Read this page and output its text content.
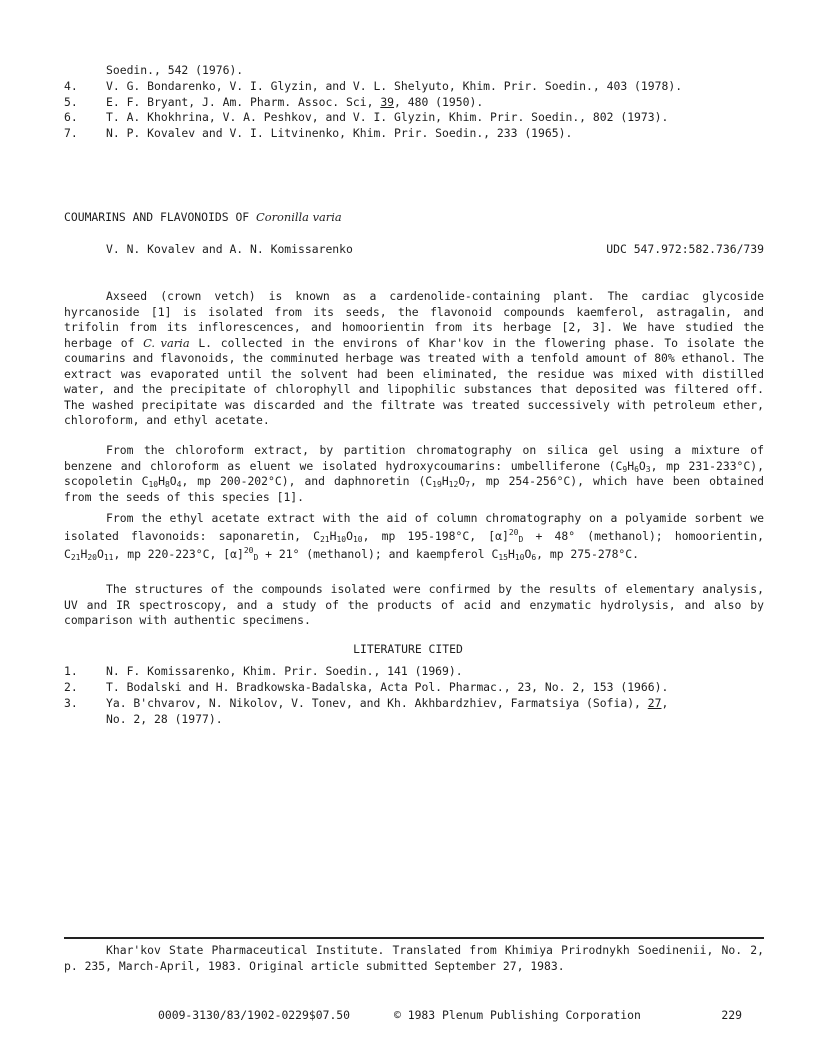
Soedin., 542 (1976).
4. V. G. Bondarenko, V. I. Glyzin, and V. L. Shelyuto, Khim. Prir. Soedin., 403 (1978).
5. E. F. Bryant, J. Am. Pharm. Assoc. Sci, 39, 480 (1950).
6. T. A. Khokhrina, V. A. Peshkov, and V. I. Glyzin, Khim. Prir. Soedin., 802 (1973).
7. N. P. Kovalev and V. I. Litvinenko, Khim. Prir. Soedin., 233 (1965).
COUMARINS AND FLAVONOIDS OF Coronilla varia
V. N. Kovalev and A. N. Komissarenko	UDC 547.972:582.736/739

Axseed (crown vetch) is known as a cardenolide-containing plant. The cardiac glycoside hyrcanoside [1] is isolated from its seeds, the flavonoid compounds kaemferol, astragalin, and trifolin from its inflorescences, and homoorientin from its herbage [2, 3]. We have studied the herbage of C. varia L. collected in the environs of Khar'kov in the flowering phase. To isolate the coumarins and flavonoids, the comminuted herbage was treated with a tenfold amount of 80% ethanol. The extract was evaporated until the solvent had been eliminated, the residue was mixed with distilled water, and the precipitate of chlorophyll and lipophilic substances that deposited was filtered off. The washed precipitate was discarded and the filtrate was treated successively with petroleum ether, chloroform, and ethyl acetate.

From the chloroform extract, by partition chromatography on silica gel using a mixture of benzene and chloroform as eluent we isolated hydroxycoumarins: umbelliferone ($C_9H_6O_3$, mp 231-233°C), scopoletin $C_{10}H_8O_4$, mp 200-202°C), and daphnoretin ($C_{19}H_{12}O_7$, mp 254-256°C), which have been obtained from the seeds of this species [1].

From the ethyl acetate extract with the aid of column chromatography on a polyamide sorbent we isolated flavonoids: saponaretin, $C_{21}H_{10}O_{10}$, mp 195-198°C, $[\alpha]^{20}_D + 48^\circ$ (methanol); homoorientin, $C_{21}H_{20}O_{11}$, mp 220-223°C, $[\alpha]^{20}_D + 21^\circ$ (methanol); and kaempferol $C_{15}H_{10}O_6$, mp 275-278°C.

The structures of the compounds isolated were confirmed by the results of elementary analysis, UV and IR spectroscopy, and a study of the products of acid and enzymatic hydrolysis, and also by comparison with authentic specimens.

LITERATURE CITED
1. N. F. Komissarenko, Khim. Prir. Soedin., 141 (1969).
2. T. Bodalski and H. Bradkowska-Badalska, Acta Pol. Pharmac., 23, No. 2, 153 (1966).
3. Ya. B'chvarov, N. Nikolov, V. Tonev, and Kh. Akhbardzhiev, Farmatsiya (Sofia), 27,
No. 2, 28 (1977).

Khar'kov State Pharmaceutical Institute. Translated from Khimiya Prirodnykh Soedinenii, No. 2, p. 235, March-April, 1983. Original article submitted September 27, 1983.

0009-3130/83/1902-0229$07.50	© 1983 Plenum Publishing Corporation	229
